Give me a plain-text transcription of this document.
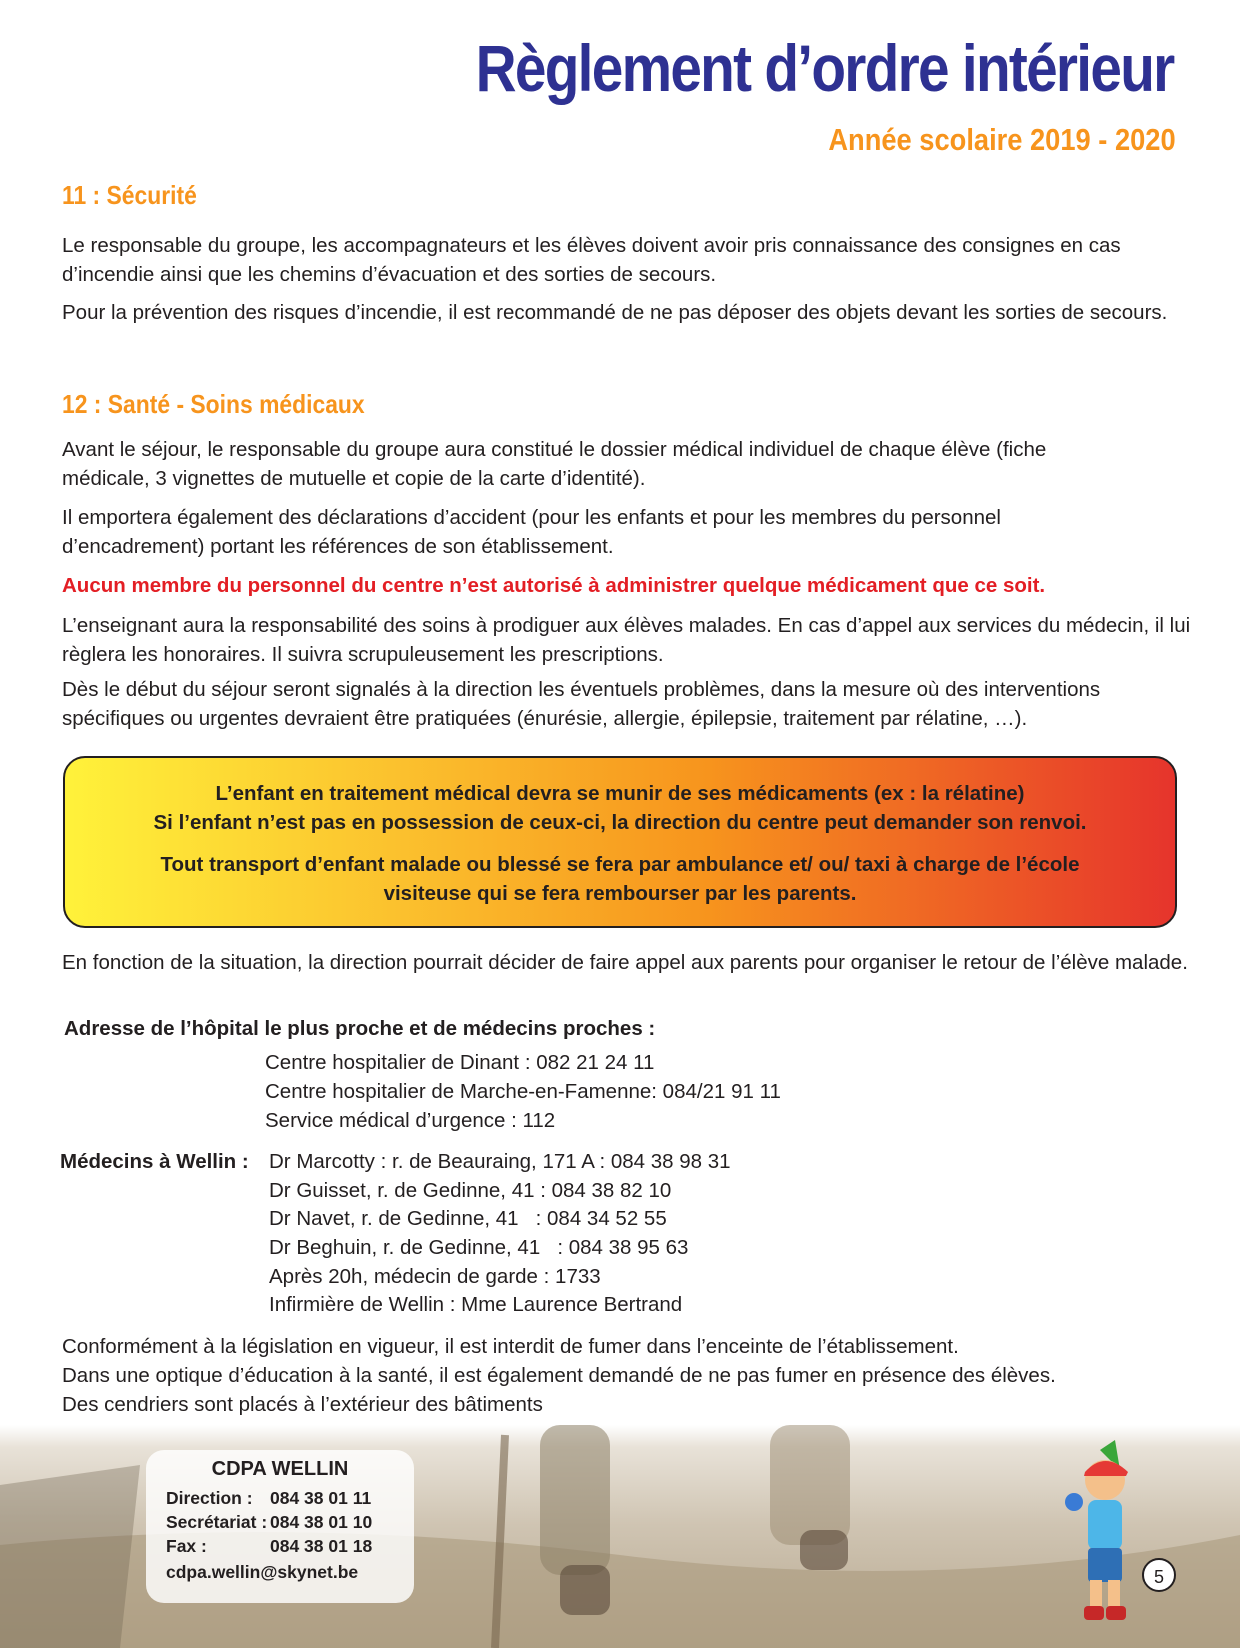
Règlement d’ordre intérieur
Année scolaire 2019 - 2020
11 : Sécurité
Le responsable du groupe, les accompagnateurs et les élèves doivent avoir pris connaissance des consignes en cas d’incendie ainsi que les chemins d’évacuation et des sorties de secours.
Pour la prévention des risques d’incendie, il est recommandé de ne pas déposer des objets devant les sorties de secours.
12 : Santé - Soins médicaux
Avant le séjour, le responsable du groupe aura constitué le dossier médical individuel de chaque élève (fiche médicale, 3 vignettes de mutuelle et copie de la carte d’identité).
Il emportera également des déclarations d’accident (pour les enfants et pour les membres du personnel d’encadrement) portant les références de son établissement.
Aucun membre du personnel du centre n’est autorisé à administrer quelque médicament que ce soit.
L’enseignant aura la responsabilité des soins à prodiguer aux élèves malades. En cas d’appel aux services du médecin, il lui règlera les honoraires. Il suivra scrupuleusement les prescriptions.
Dès le début du séjour seront signalés à la direction les éventuels problèmes, dans la mesure où des interventions spécifiques ou urgentes devraient être pratiquées (énurésie, allergie, épilepsie, traitement par rélatine, …).

L’enfant en traitement médical devra se munir de ses médicaments (ex : la rélatine)

Si l’enfant n’est pas en possession de ceux-ci, la direction du centre peut demander son renvoi.

Tout transport d’enfant malade ou blessé se fera par ambulance et/ ou/ taxi à charge de l’école

visiteuse qui se fera rembourser par les parents.

En fonction de la situation, la direction pourrait décider de faire appel aux parents pour organiser le retour de l’élève malade.
Adresse de l’hôpital le plus proche et de médecins proches :
Centre hospitalier de Dinant : 082 21 24 11
Centre hospitalier de Marche-en-Famenne: 084/21 91 11
Service médical d’urgence : 112
Médecins à Wellin : Dr Marcotty : r. de Beauraing, 171 A : 084 38 98 31
Dr Guisset, r. de Gedinne, 41 : 084 38 82 10
Dr Navet, r. de Gedinne, 41   : 084 34 52 55
Dr Beghuin, r. de Gedinne, 41   : 084 38 95 63
Après 20h, médecin de garde : 1733
Infirmière de Wellin : Mme Laurence Bertrand
Conformément à la législation en vigueur, il est interdit de fumer dans l’enceinte de l’établissement.
Dans une optique d’éducation à la santé, il est également demandé de ne pas fumer en présence des élèves.
Des cendriers sont placés à l’extérieur des bâtiments
CDPA WELLIN
Direction : 084 38 01 11
Secrétariat : 084 38 01 10
Fax :	084 38 01 18
cdpa.wellin@skynet.be	5
